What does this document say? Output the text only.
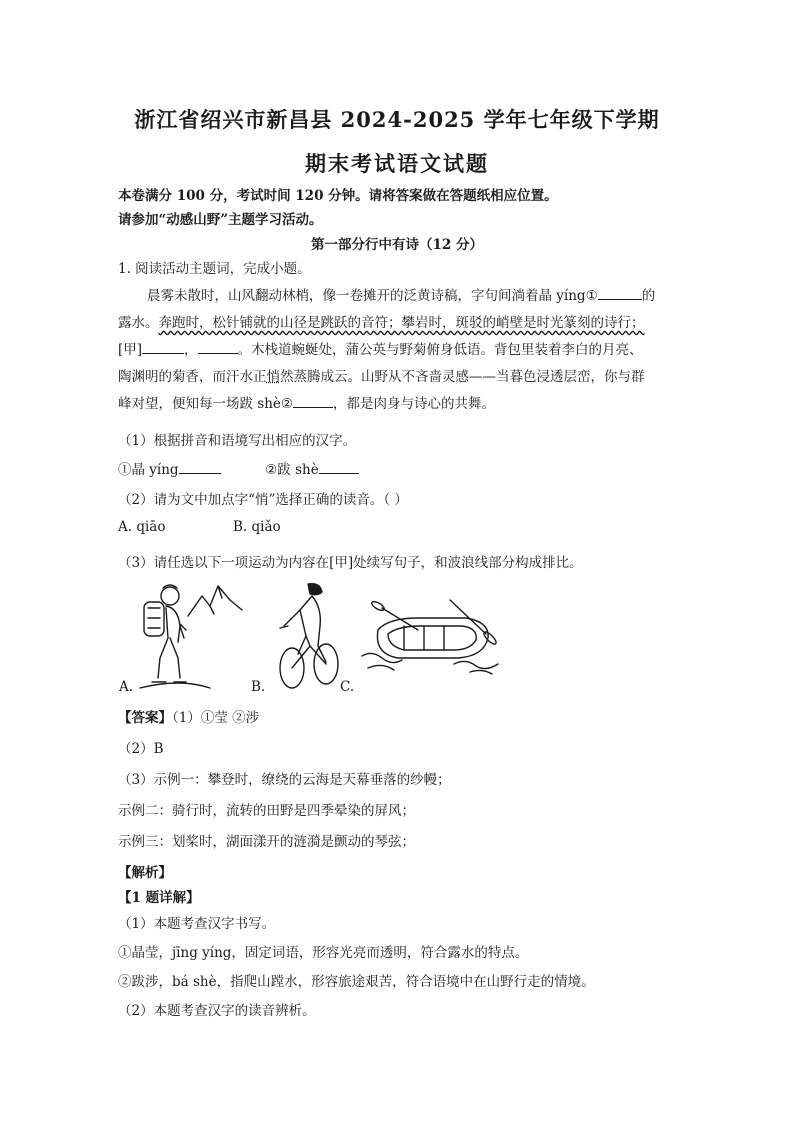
浙江省绍兴市新昌县 2024-2025 学年七年级下学期
期末考试语文试题
本卷满分 100 分，考试时间 120 分钟。请将答案做在答题纸相应位置。
请参加“动感山野”主题学习活动。
第一部分行中有诗（12 分）
1. 阅读活动主题词，完成小题。
晨雾未散时，山风翻动林梢，像一卷摊开的泛黄诗稿，字句间淌着晶 yíng①	的
露水。奔跑时，松针铺就的山径是跳跃的音符；攀岩时，斑驳的峭壁是时光篆刻的诗行；
[甲]	，	。木栈道蜿蜒处，蒲公英与野菊俯身低语。背包里装着李白的月亮、
陶渊明的菊香，而汗水正悄然蒸腾成云。山野从不吝啬灵感——当暮色浸透层峦，你与群
峰对望，便知每一场跋 shè②	，都是肉身与诗心的共舞。
（1）根据拼音和语境写出相应的汉字。
①晶 yíng	②跋 shè
（2）请为文中加点字“悄”选择正确的读音。（ ）
A. qiāo	B. qiǎo
（3）请任选以下一项运动为内容在[甲]处续写句子，和波浪线部分构成排比。
A.	B.	C.
【答案】（1）①莹 ②涉
（2）B
（3）示例一：攀登时，缭绕的云海是天幕垂落的纱幔；
示例二：骑行时，流转的田野是四季晕染的屏风；
示例三：划桨时，湖面漾开的涟漪是颤动的琴弦；
【解析】
【1 题详解】
（1）本题考查汉字书写。
①晶莹，jīng yíng，固定词语，形容光亮而透明，符合露水的特点。
②跋涉，bá shè，指爬山蹚水，形容旅途艰苦，符合语境中在山野行走的情境。
（2）本题考查汉字的读音辨析。
